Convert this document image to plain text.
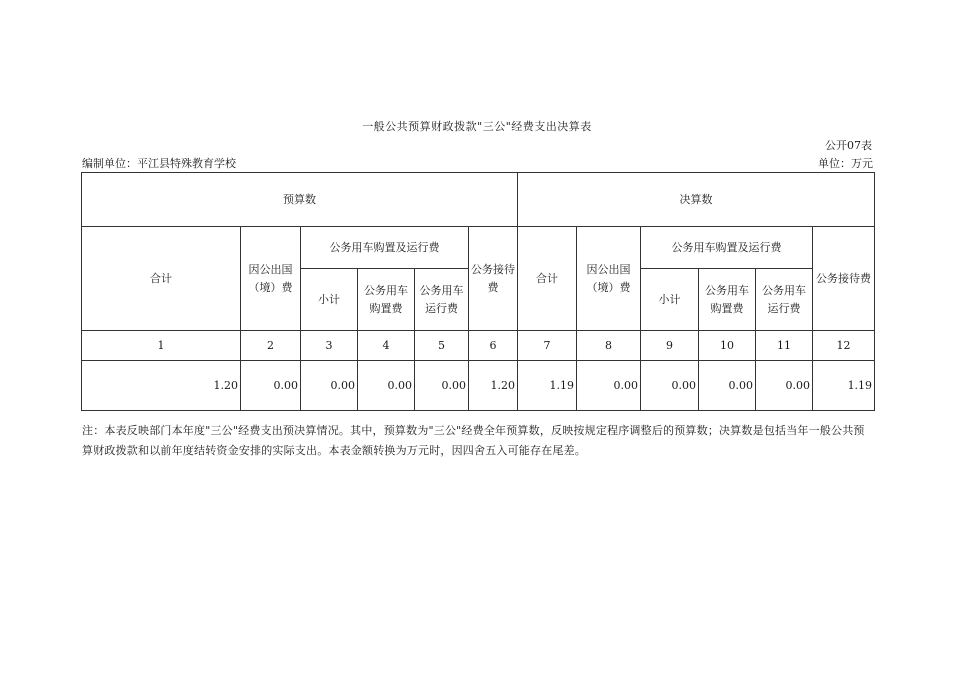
一般公共预算财政拨款"三公"经费支出决算表
公开07表
编制单位：平江县特殊教育学校	单位：万元
预算数						决算数					
合计	因公出国（境）费	公务用车购置及运行费			公务接待费	合计	因公出国（境）费	公务用车购置及运行费			公务接待费
		小计	公务用车购置费	公务用车运行费				小计	公务用车购置费	公务用车运行费	
1	2	3	4	5	6	7	8	9	10	11	12
1.20	0.00	0.00	0.00	0.00	1.20	1.19	0.00	0.00	0.00	0.00	1.19
注：本表反映部门本年度"三公"经费支出预决算情况。其中，预算数为"三公"经费全年预算数，反映按规定程序调整后的预算数；决算数是包括当年一般公共预算财政拨款和以前年度结转资金安排的实际支出。本表金额转换为万元时，因四舍五入可能存在尾差。
